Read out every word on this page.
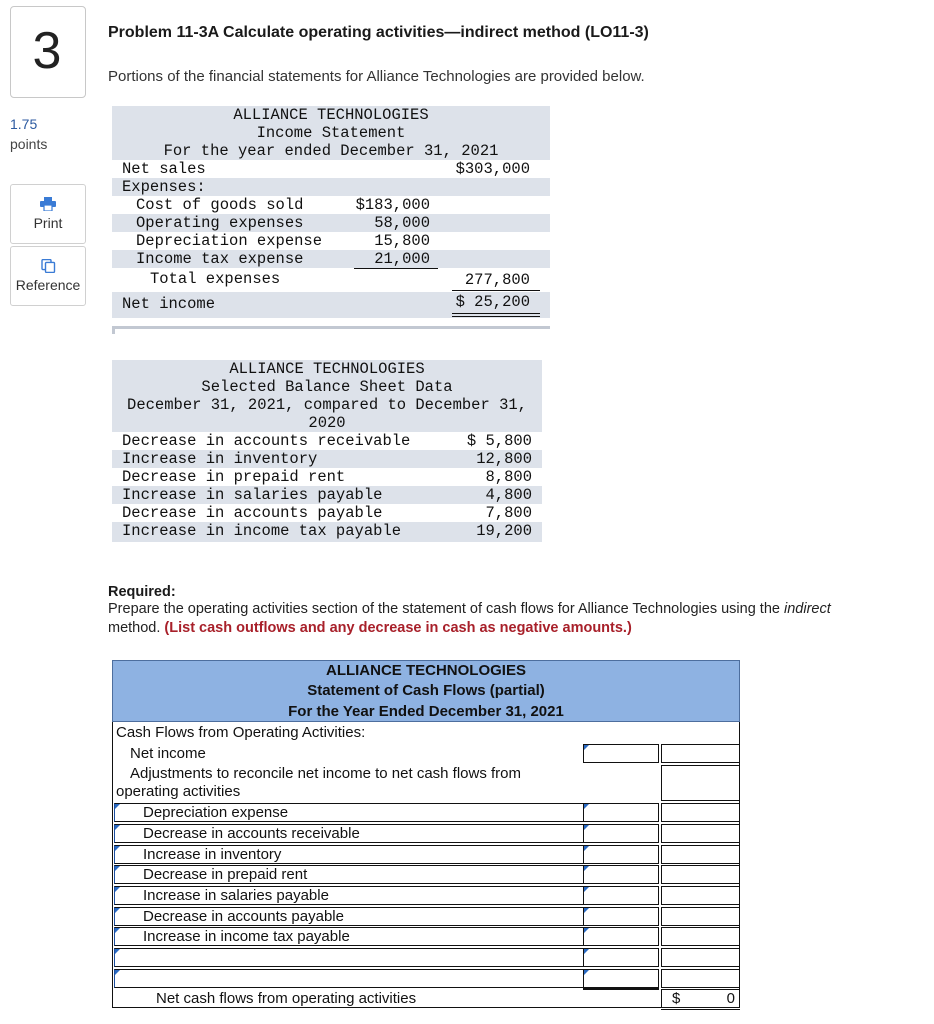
3
1.75
points
Print
Reference
Problem 11-3A Calculate operating activities—indirect method (LO11-3)
Portions of the financial statements for Alliance Technologies are provided below.
ALLIANCE TECHNOLOGIES
Income Statement
For the year ended December 31, 2021
Net sales	$303,000
Expenses:
Cost of goods sold	$183,000
Operating expenses	58,000
Depreciation expense	15,800
Income tax expense	21,000
Total expenses	277,800
Net income	$ 25,200
ALLIANCE TECHNOLOGIES
Selected Balance Sheet Data
December 31, 2021, compared to December 31,
2020
Decrease in accounts receivable	$ 5,800
Increase in inventory	12,800
Decrease in prepaid rent	8,800
Increase in salaries payable	4,800
Decrease in accounts payable	7,800
Increase in income tax payable	19,200
Required:
Prepare the operating activities section of the statement of cash flows for Alliance Technologies using the indirect
method. (List cash outflows and any decrease in cash as negative amounts.)
ALLIANCE TECHNOLOGIES
Statement of Cash Flows (partial)
For the Year Ended December 31, 2021
Cash Flows from Operating Activities:
Net income
Adjustments to reconcile net income to net cash flows from
operating activities
Depreciation expense
Decrease in accounts receivable
Increase in inventory
Decrease in prepaid rent
Increase in salaries payable
Decrease in accounts payable
Increase in income tax payable
Net cash flows from operating activities	$	0
